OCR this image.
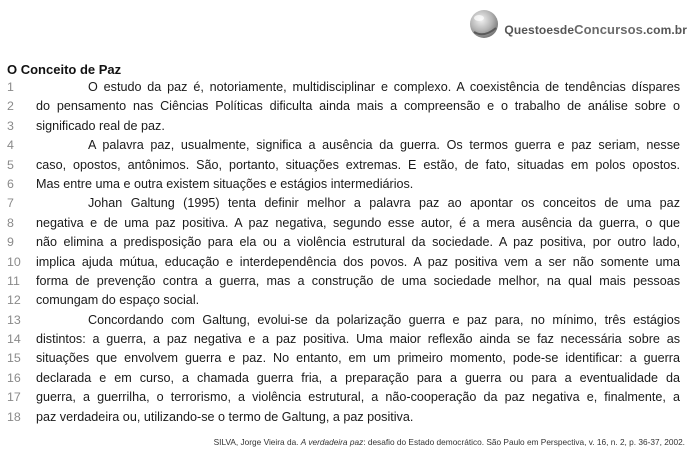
QuestoesdeConcursos.com.br
O Conceito de Paz
1	O estudo da paz é, notoriamente, multidisciplinar e complexo. A coexistência de tendências díspares
2	do pensamento nas Ciências Políticas dificulta ainda mais a compreensão e o trabalho de análise sobre o
3	significado real de paz.
4	A palavra paz, usualmente, significa a ausência da guerra. Os termos guerra e paz seriam, nesse
5	caso, opostos, antônimos. São, portanto, situações extremas. E estão, de fato, situadas em polos opostos.
6	Mas entre uma e outra existem situações e estágios intermediários.
7	Johan Galtung (1995) tenta definir melhor a palavra paz ao apontar os conceitos de uma paz
8	negativa e de uma paz positiva. A paz negativa, segundo esse autor, é a mera ausência da guerra, o que
9	não elimina a predisposição para ela ou a violência estrutural da sociedade. A paz positiva, por outro lado,
10	implica ajuda mútua, educação e interdependência dos povos. A paz positiva vem a ser não somente uma
11	forma de prevenção contra a guerra, mas a construção de uma sociedade melhor, na qual mais pessoas
12	comungam do espaço social.
13	Concordando com Galtung, evolui-se da polarização guerra e paz para, no mínimo, três estágios
14	distintos: a guerra, a paz negativa e a paz positiva. Uma maior reflexão ainda se faz necessária sobre as
15	situações que envolvem guerra e paz. No entanto, em um primeiro momento, pode-se identificar: a guerra
16	declarada e em curso, a chamada guerra fria, a preparação para a guerra ou para a eventualidade da
17	guerra, a guerrilha, o terrorismo, a violência estrutural, a não-cooperação da paz negativa e, finalmente, a
18	paz verdadeira ou, utilizando-se o termo de Galtung, a paz positiva.
SILVA, Jorge Vieira da. A verdadeira paz: desafio do Estado democrático. São Paulo em Perspectiva, v. 16, n. 2, p. 36-37, 2002.
